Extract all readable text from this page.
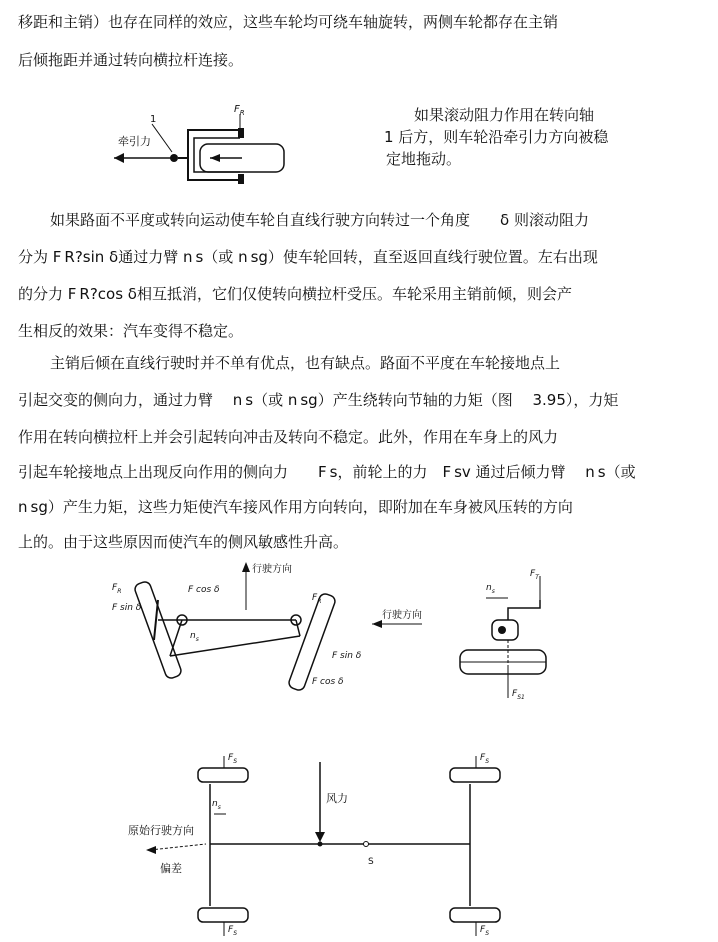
移距和主销）也存在同样的效应，这些车轮均可绕车轴旋转，两侧车轮都存在主销
后倾拖距并通过转向横拉杆连接。
牵引力
1
$F_R$	如果滚动阻力作用在转向轴
1 后方，则车轮沿牵引力方向被稳
定地拖动。
如果路面不平度或转向运动使车轮自直线行驶方向转过一个角度　　δ 则滚动阻力
分为 F R?sin δ通过力臂 n s（或 n sg）使车轮回转，直至返回直线行驶位置。左右出现
的分力 F R?cos δ相互抵消，它们仅使转向横拉杆受压。车轮采用主销前倾，则会产
生相反的效果：汽车变得不稳定。
主销后倾在直线行驶时并不单有优点，也有缺点。路面不平度在车轮接地点上
引起交变的侧向力，通过力臂　 n s（或 n sg）产生绕转向节轴的力矩（图　 3.95），力矩
作用在转向横拉杆上并会引起转向冲击及转向不稳定。此外，作用在车身上的风力
引起车轮接地点上出现反向作用的侧向力　　F s，前轮上的力　F sv 通过后倾力臂　 n s（或
n sg）产生力矩，这些力矩使汽车接风作用方向转向，即附加在车身被风压转的方向
上的。由于这些原因而使汽车的侧风敏感性升高。
行驶方向
$F_R$
F sin δ
F cos δ
$n_s$
$F_R$
F sin δ
F cos δ
行驶方向
$n_s$
$F_T$
$F_{S1}$
$F_S$	$F_S$
$F_S$	$F_S$
$n_s$
风力
S
原始行驶方向
偏差
